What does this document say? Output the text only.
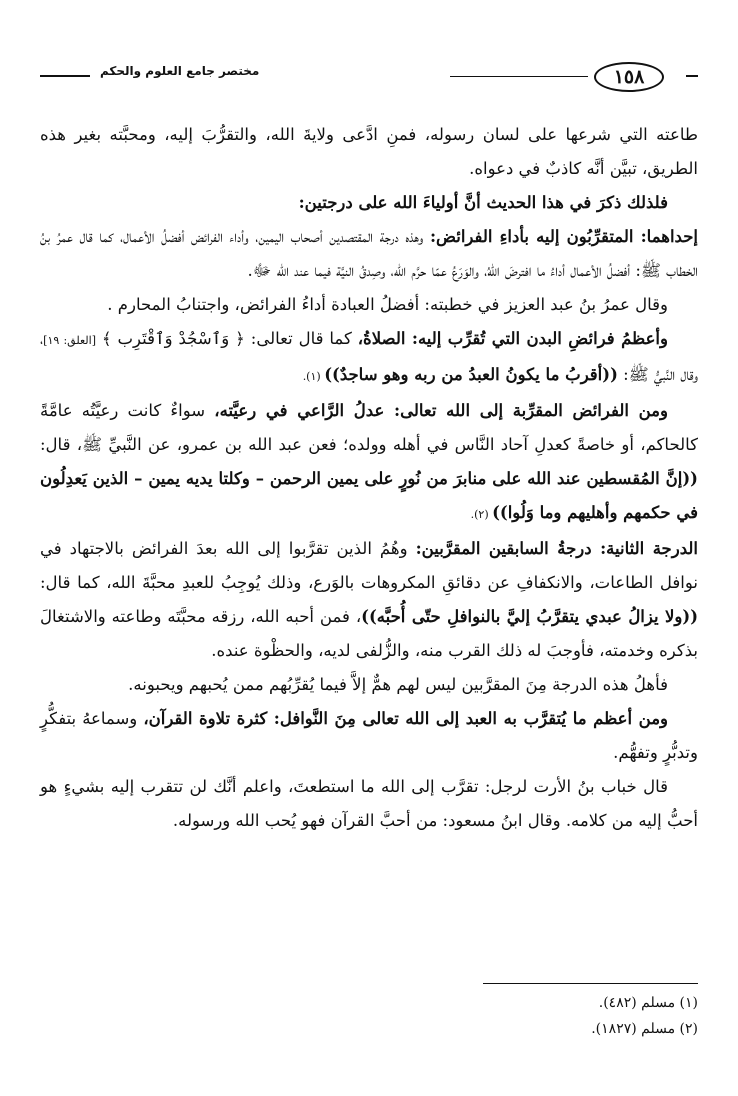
١٥٨
مختصر جامع العلوم والحكم

طاعته التي شرعها على لسان رسوله، فمنِ ادَّعى ولايةَ الله، والتقرُّبَ إليه، ومحبَّته بغير هذه الطريق، تبيَّن أنَّه كاذبٌ في دعواه.

فلذلك ذكرَ في هذا الحديث أنَّ أولياءَ الله على درجتين:

إحداهما: المتقرِّبُون إليه بأداءِ الفرائض: وهذه درجة المقتصدين أصحاب اليمين، وأداء الفرائض أفضلُ الأعمال، كما قال عمرُ بنُ الخطاب ﷺ: أفضلُ الأعمال أداءُ ما افترضَ اللهُ، والوَرَعُ عمّا حرَّم الله، وصِدقُ النيَّة فيما عند الله ﷻ.

وقال عمرُ بنُ عبد العزيز في خطبته: أفضلُ العبادة أداءُ الفرائض، واجتنابُ المحارم .

وأعظمُ فرائضِ البدن التي تُقرِّب إليه: الصلاةُ، كما قال تعالى: ﴿ وَٱسْجُدْ وَٱقْتَرِب ﴾ [العلق: ١٩]، وقال النَّبيُّ ﷺ: ((أقربُ ما يكونُ العبدُ من ربه وهو ساجدٌ)) (١).

ومن الفرائض المقرِّبة إلى الله تعالى: عدلُ الرَّاعي في رعيَّته، سواءٌ كانت رعيَّتُه عامَّةً كالحاكم، أو خاصةً كعدلِ آحاد النَّاس في أهله وولده؛ فعن عبد الله بن عمرو، عن النَّبيِّ ﷺ، قال: ((إنَّ المُقسطين عند الله على منابرَ من نُورٍ على يمين الرحمن – وكلتا يديه يمين – الذين يَعدِلُون في حكمهم وأهليهم وما وَلُوا)) (٢).

الدرجة الثانية: درجةُ السابقين المقرَّبين: وهُمُ الذين تقرَّبوا إلى الله بعدَ الفرائض بالاجتهاد في نوافل الطاعات، والانكفافِ عن دقائقِ المكروهات بالوَرع، وذلك يُوجِبُ للعبدِ محبَّةَ الله، كما قال: ((ولا يزالُ عبدي يتقرَّبُ إليَّ بالنوافلِ حتّى أُحبَّه))، فمن أحبه الله، رزقه محبَّتَه وطاعته والاشتغالَ بذكره وخدمته، فأوجبَ له ذلك القرب منه، والزُّلفى لديه، والحظْوة عنده.

فأهلُ هذه الدرجة مِنَ المقرَّبين ليس لهم همٌّ إلاَّ فيما يُقرِّبُهم ممن يُحبهم ويحبونه.

ومن أعظم ما يُتقرَّب به العبد إلى الله تعالى مِنَ النَّوافل: كثرة تلاوة القرآن، وسماعهُ بتفكُّرٍ وتدبُّرٍ وتفهُّم.

قال خباب بنُ الأرت لرجل: تقرَّب إلى الله ما استطعتَ، واعلم أنَّك لن تتقرب إليه بشيءٍ هو أحبُّ إليه من كلامه. وقال ابنُ مسعود: من أحبَّ القرآن فهو يُحب الله ورسوله.

(١) مسلم (٤٨٢).
(٢) مسلم (١٨٢٧).
